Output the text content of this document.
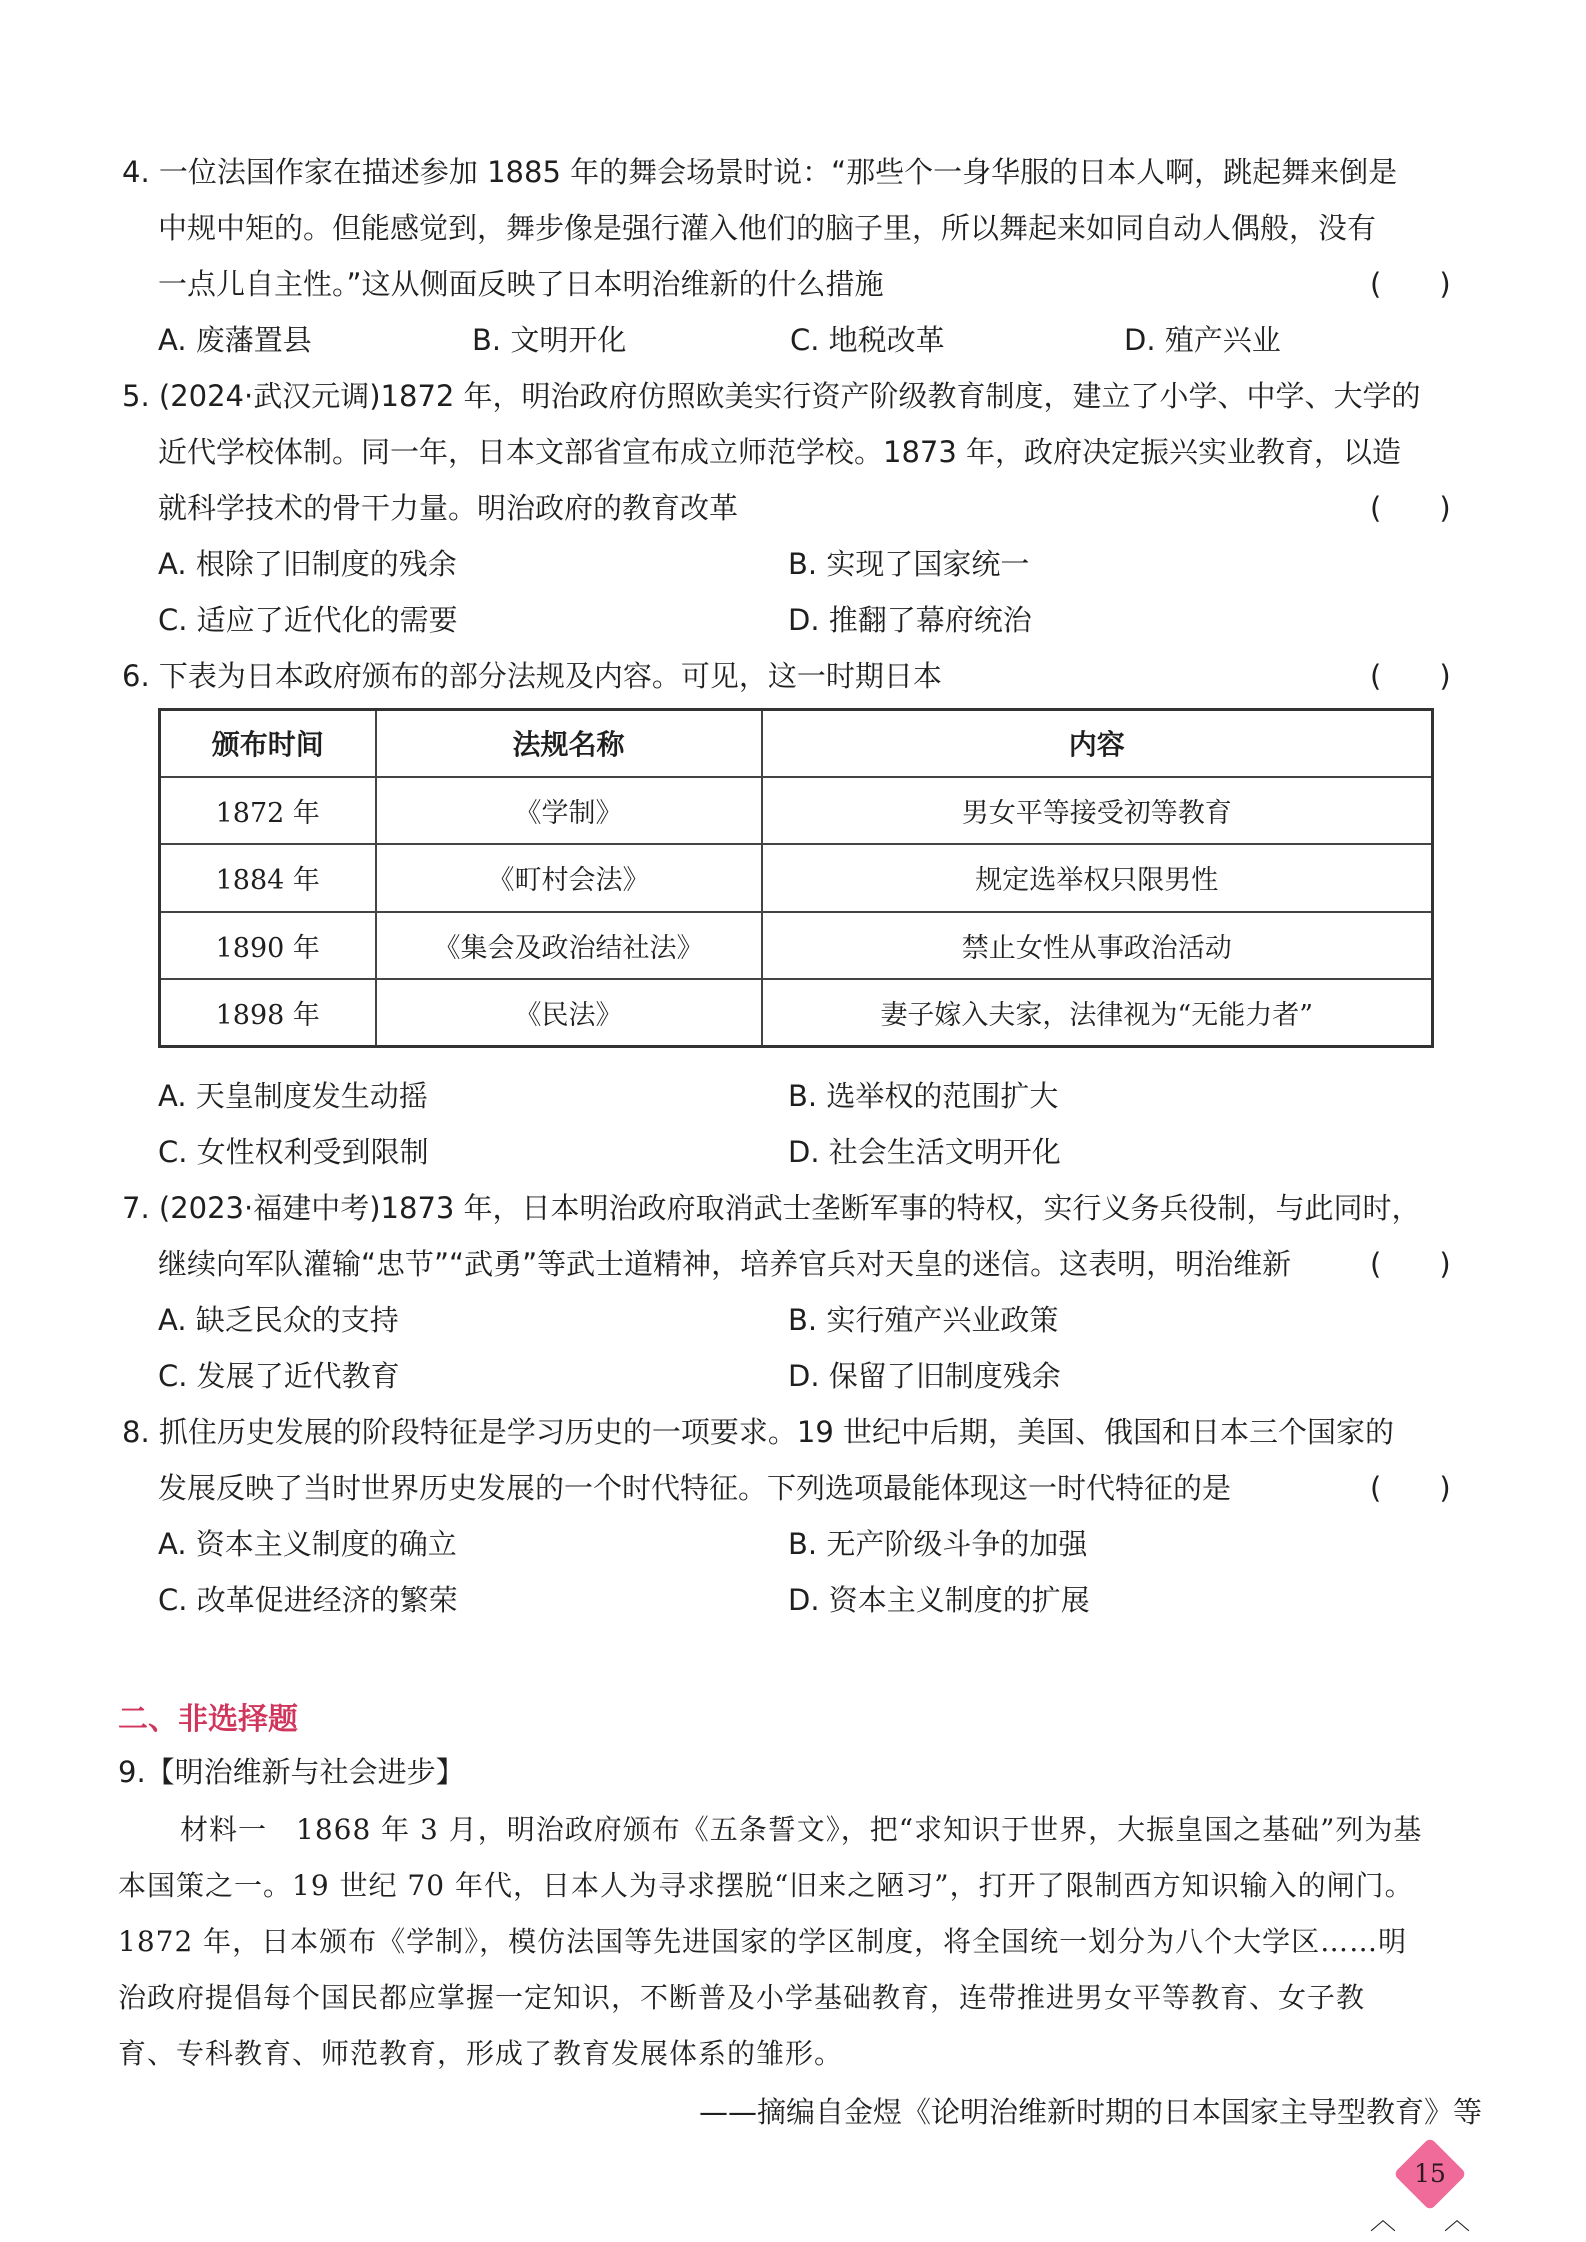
4. 一位法国作家在描述参加 1885 年的舞会场景时说：“那些个一身华服的日本人啊，跳起舞来倒是
中规中矩的。但能感觉到，舞步像是强行灌入他们的脑子里，所以舞起来如同自动人偶般，没有
一点儿自主性。”这从侧面反映了日本明治维新的什么措施	(　　)
A. 废藩置县	B. 文明开化	C. 地税改革	D. 殖产兴业
5. (2024·武汉元调)1872 年，明治政府仿照欧美实行资产阶级教育制度，建立了小学、中学、大学的
近代学校体制。同一年，日本文部省宣布成立师范学校。1873 年，政府决定振兴实业教育，以造
就科学技术的骨干力量。明治政府的教育改革	(　　)
A. 根除了旧制度的残余	B. 实现了国家统一
C. 适应了近代化的需要	D. 推翻了幕府统治
6. 下表为日本政府颁布的部分法规及内容。可见，这一时期日本	(　　)
颁布时间	法规名称	内容
1872 年	《学制》	男女平等接受初等教育
1884 年	《町村会法》	规定选举权只限男性
1890 年	《集会及政治结社法》	禁止女性从事政治活动
1898 年	《民法》	妻子嫁入夫家，法律视为“无能力者”
A. 天皇制度发生动摇	B. 选举权的范围扩大
C. 女性权利受到限制	D. 社会生活文明开化
7. (2023·福建中考)1873 年，日本明治政府取消武士垄断军事的特权，实行义务兵役制，与此同时，
继续向军队灌输“忠节”“武勇”等武士道精神，培养官兵对天皇的迷信。这表明，明治维新	(　　)
A. 缺乏民众的支持	B. 实行殖产兴业政策
C. 发展了近代教育	D. 保留了旧制度残余
8. 抓住历史发展的阶段特征是学习历史的一项要求。19 世纪中后期，美国、俄国和日本三个国家的
发展反映了当时世界历史发展的一个时代特征。下列选项最能体现这一时代特征的是	(　　)
A. 资本主义制度的确立	B. 无产阶级斗争的加强
C. 改革促进经济的繁荣	D. 资本主义制度的扩展
二、非选择题
9.【明治维新与社会进步】
材料一　1868 年 3 月，明治政府颁布《五条誓文》，把“求知识于世界，大振皇国之基础”列为基
本国策之一。19 世纪 70 年代，日本人为寻求摆脱“旧来之陋习”，打开了限制西方知识输入的闸门。
1872 年，日本颁布《学制》，模仿法国等先进国家的学区制度，将全国统一划分为八个大学区……明
治政府提倡每个国民都应掌握一定知识，不断普及小学基础教育，连带推进男女平等教育、女子教
育、专科教育、师范教育，形成了教育发展体系的雏形。
——摘编自金煜《论明治维新时期的日本国家主导型教育》等
15
︿ ︿
